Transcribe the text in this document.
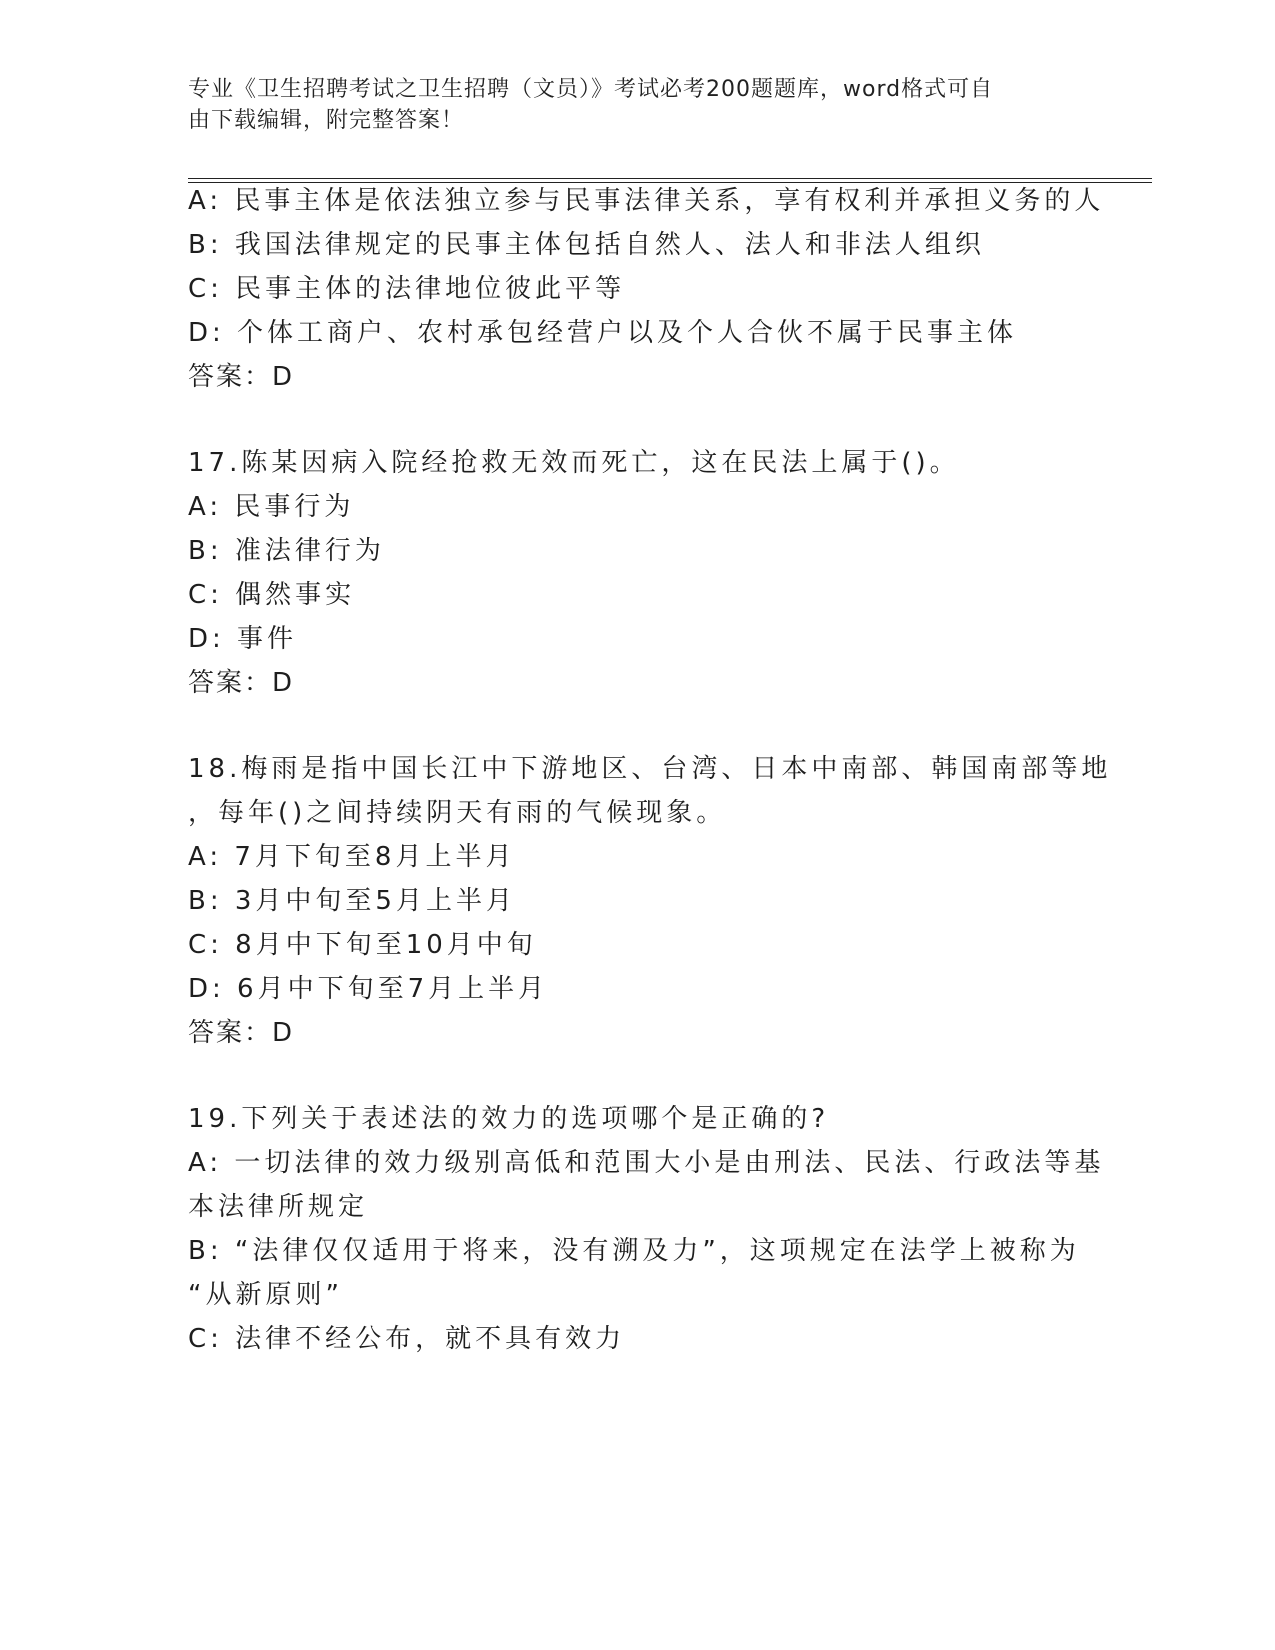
专业《卫生招聘考试之卫生招聘（文员）》考试必考200题题库，word格式可自
由下载编辑，附完整答案！
A: 民事主体是依法独立参与民事法律关系，享有权利并承担义务的人
B: 我国法律规定的民事主体包括自然人、法人和非法人组织
C: 民事主体的法律地位彼此平等
D: 个体工商户、农村承包经营户以及个人合伙不属于民事主体
答案：D
17.陈某因病入院经抢救无效而死亡，这在民法上属于()。
A: 民事行为
B: 准法律行为
C: 偶然事实
D: 事件
答案：D
18.梅雨是指中国长江中下游地区、台湾、日本中南部、韩国南部等地
，每年()之间持续阴天有雨的气候现象。
A: 7月下旬至8月上半月
B: 3月中旬至5月上半月
C: 8月中下旬至10月中旬
D: 6月中下旬至7月上半月
答案：D
19.下列关于表述法的效力的选项哪个是正确的?
A: 一切法律的效力级别高低和范围大小是由刑法、民法、行政法等基
本法律所规定
B: “法律仅仅适用于将来，没有溯及力”，这项规定在法学上被称为
“从新原则”
C: 法律不经公布，就不具有效力
